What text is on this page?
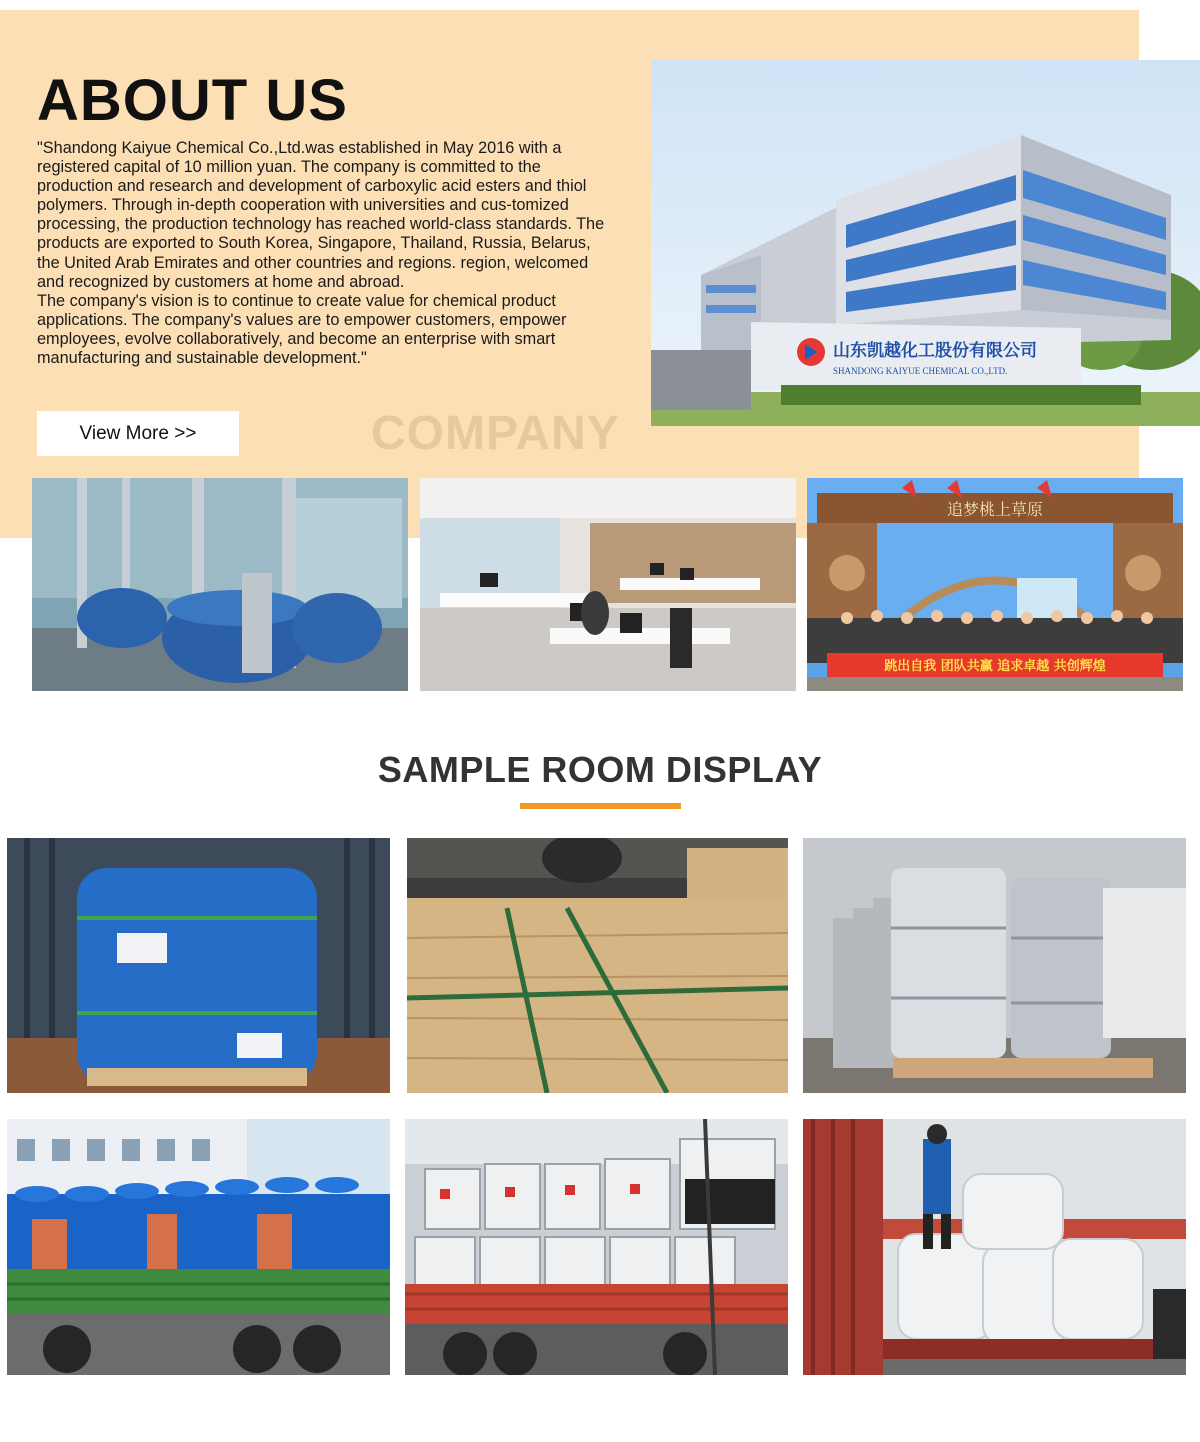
ABOUT US

"Shandong Kaiyue Chemical Co.,Ltd.was established in May 2016 with a registered capital of 10 million yuan. The company is committed to the production and research and development of carboxylic acid esters and thiol polymers. Through in-depth cooperation with universities and cus-tomized processing, the production technology has reached world-class standards. The products are exported to South Korea, Singapore, Thailand, Russia, Belarus, the United Arab Emirates and other countries and regions. region, welcomed and recognized by customers at home and abroad.

The company's vision is to continue to create value for chemical product applications. The company's values are to empower customers, empower employees, evolve collaboratively, and become an enterprise with smart manufacturing and sustainable development."

View More >>	COMPANY
山东凯越化工股份有限公司
SHANDONG KAIYUE CHEMICAL CO.,LTD.
追梦桃上草原
跳出自我 团队共赢 追求卓越 共创辉煌
SAMPLE ROOM DISPLAY
